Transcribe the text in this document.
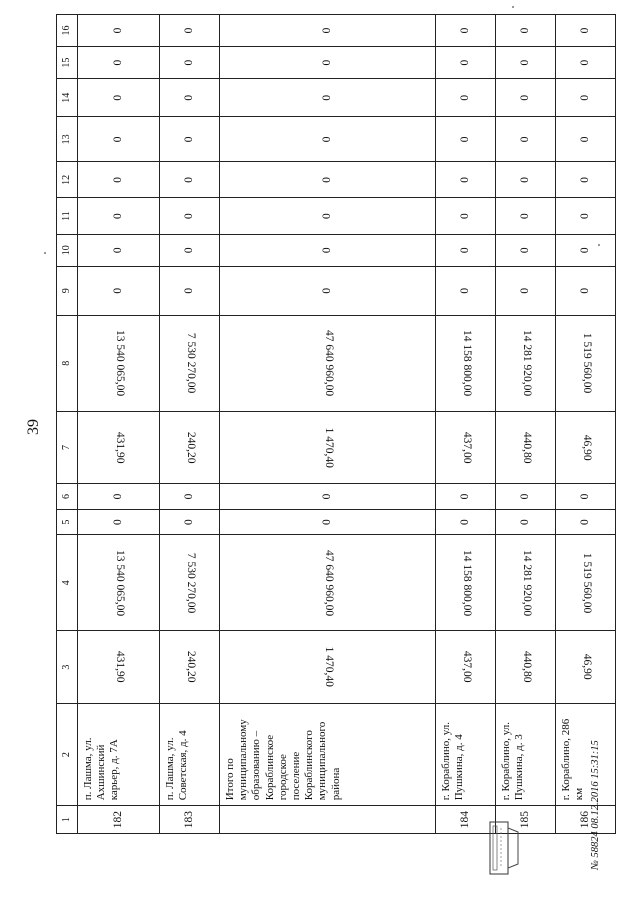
39
1	2	3	4	5	6	7	8	9	10	11	12	13	14	15	16
182	п. Лашма, ул. Ахшинский карьер, д. 7А	431,90	13 540 065,00	0	0	431,90	13 540 065,00	0	0	0	0	0	0	0	0
183	п. Лашма, ул. Советская, д. 4	240,20	7 530 270,00	0	0	240,20	7 530 270,00	0	0	0	0	0	0	0	0
	Итого по муниципальному образованию – Кораблинское городское поселение Кораблинского муниципального района	1 470,40	47 640 960,00	0	0	1 470,40	47 640 960,00	0	0	0	0	0	0	0	0
184	г. Кораблино, ул. Пушкина, д. 4	437,00	14 158 800,00	0	0	437,00	14 158 800,00	0	0	0	0	0	0	0	0
185	г. Кораблино, ул. Пушкина, д. 3	440,80	14 281 920,00	0	0	440,80	14 281 920,00	0	0	0	0	0	0	0	0
186	г. Кораблино, 286 км	46,90	1 519 560,00	0	0	46,90	1 519 560,00	0	0	0	0	0	0	0	0
№ 58824 08.12.2016 15:31:15
